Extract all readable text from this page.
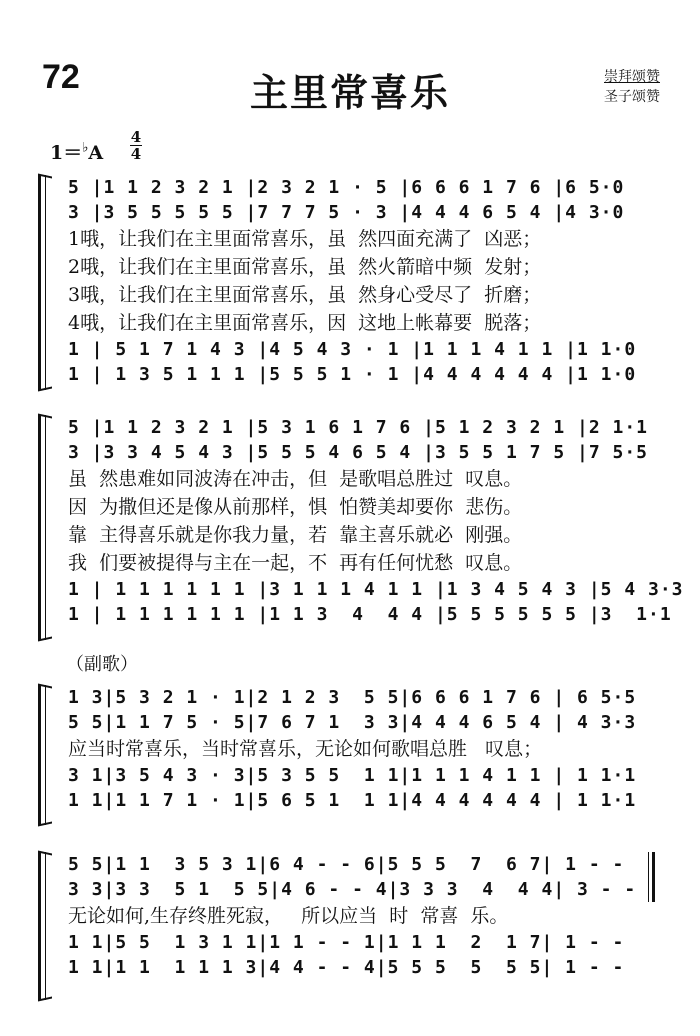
72	主里常喜乐	崇拜颂赞
圣子颂赞
1＝♭A
4
4
5 |1 1 2 3 2 1 |2 3 2 1 · 5 |6 6 6 1 7 6 |6 5·0
3 |3 5 5 5 5 5 |7 7 7 5 · 3 |4 4 4 6 5 4 |4 3·0
1哦，让我们在主里面常喜乐，虽  然四面充满了  凶恶；
2哦，让我们在主里面常喜乐，虽  然火箭暗中频  发射；
3哦，让我们在主里面常喜乐，虽  然身心受尽了  折磨；
4哦，让我们在主里面常喜乐，因  这地上帐幕要  脱落；
1 | 5 1 7 1 4 3 |4 5 4 3 · 1 |1 1 1 4 1 1 |1 1·0
1 | 1 3 5 1 1 1 |5 5 5 1 · 1 |4 4 4 4 4 4 |1 1·0
5 |1 1 2 3 2 1 |5 3 1 6 1 7 6 |5 1 2 3 2 1 |2 1·1
3 |3 3 4 5 4 3 |5 5 5 4 6 5 4 |3 5 5 1 7 5 |7 5·5
虽  然患难如同波涛在冲击，但  是歌唱总胜过  叹息。
因  为撒但还是像从前那样，惧  怕赞美却要你  悲伤。
靠  主得喜乐就是你我力量，若  靠主喜乐就必  刚强。
我  们要被提得与主在一起，不  再有任何忧愁  叹息。
1 | 1 1 1 1 1 1 |3 1 1 1 4 1 1 |1 3 4 5 4 3 |5 4 3·3
1 | 1 1 1 1 1 1 |1 1 3  4  4 4 |5 5 5 5 5 5 |3  1·1
（副歌）
1 3|5 3 2 1 · 1|2 1 2 3  5 5|6 6 6 1 7 6 | 6 5·5
5 5|1 1 7 5 · 5|7 6 7 1  3 3|4 4 4 6 5 4 | 4 3·3
应当时常喜乐，当时常喜乐，无论如何歌唱总胜   叹息；
3 1|3 5 4 3 · 3|5 3 5 5  1 1|1 1 1 4 1 1 | 1 1·1
1 1|1 1 7 1 · 1|5 6 5 1  1 1|4 4 4 4 4 4 | 1 1·1
5 5|1 1  3 5 3 1|6 4 - - 6|5 5 5  7  6 7| 1 - -
3 3|3 3  5 1  5 5|4 6 - - 4|3 3 3  4  4 4| 3 - -
无论如何,生存终胜死寂，   所以应当  时  常喜  乐。
1 1|5 5  1 3 1 1|1 1 - - 1|1 1 1  2  1 7| 1 - -
1 1|1 1  1 1 1 3|4 4 - - 4|5 5 5  5  5 5| 1 - -
